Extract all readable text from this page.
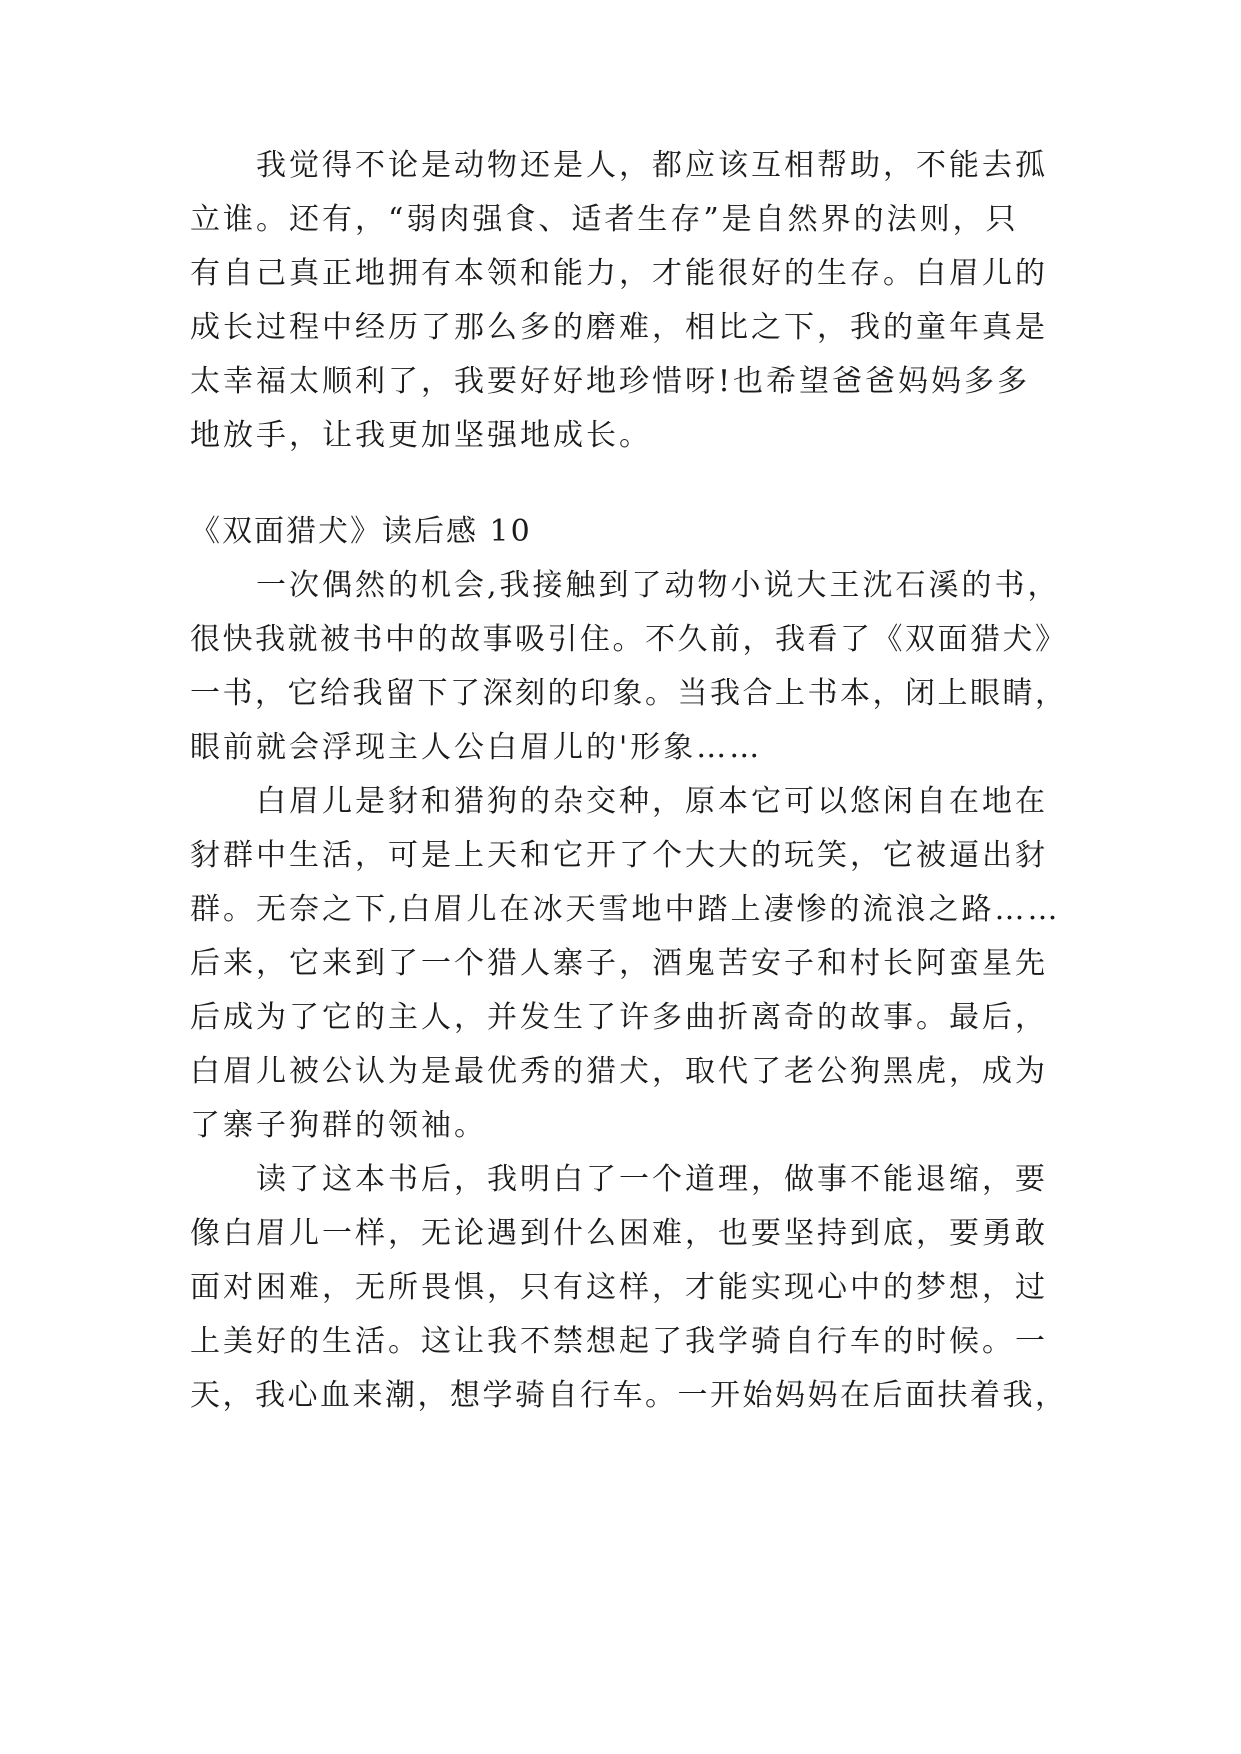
我觉得不论是动物还是人，都应该互相帮助，不能去孤
立谁。还有，“弱肉强食、适者生存”是自然界的法则，只
有自己真正地拥有本领和能力，才能很好的生存。白眉儿的
成长过程中经历了那么多的磨难，相比之下，我的童年真是
太幸福太顺利了，我要好好地珍惜呀!也希望爸爸妈妈多多
地放手，让我更加坚强地成长。
《双面猎犬》读后感 10
一次偶然的机会,我接触到了动物小说大王沈石溪的书，
很快我就被书中的故事吸引住。不久前，我看了《双面猎犬》
一书，它给我留下了深刻的印象。当我合上书本，闭上眼睛，
眼前就会浮现主人公白眉儿的'形象……
白眉儿是豺和猎狗的杂交种，原本它可以悠闲自在地在
豺群中生活，可是上天和它开了个大大的玩笑，它被逼出豺
群。无奈之下,白眉儿在冰天雪地中踏上凄惨的流浪之路……
后来，它来到了一个猎人寨子，酒鬼苦安子和村长阿蛮星先
后成为了它的主人，并发生了许多曲折离奇的故事。最后，
白眉儿被公认为是最优秀的猎犬，取代了老公狗黑虎，成为
了寨子狗群的领袖。
读了这本书后，我明白了一个道理，做事不能退缩，要
像白眉儿一样，无论遇到什么困难，也要坚持到底，要勇敢
面对困难，无所畏惧，只有这样，才能实现心中的梦想，过
上美好的生活。这让我不禁想起了我学骑自行车的时候。一
天，我心血来潮，想学骑自行车。一开始妈妈在后面扶着我，
